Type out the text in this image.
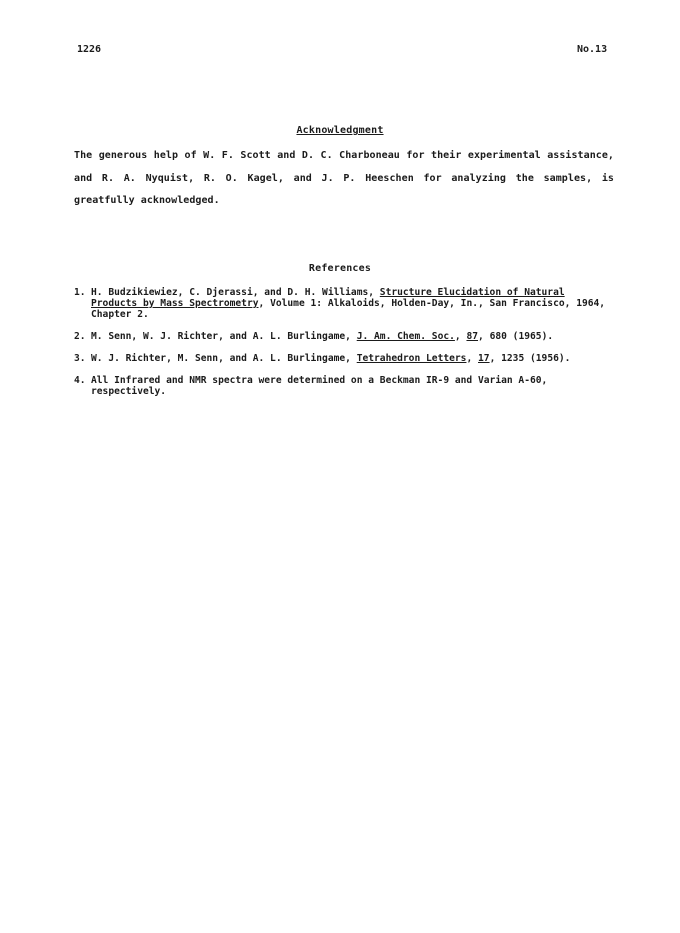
1226	No.13
Acknowledgment

The generous help of W. F. Scott and D. C. Charboneau for their experimental assistance, and R. A. Nyquist, R. O. Kagel, and J. P. Heeschen for analyzing the samples, is greatfully acknowledged.

References
1. H. Budzikiewiez, C. Djerassi, and D. H. Williams, Structure Elucidation of Natural Products by Mass Spectrometry, Volume 1: Alkaloids, Holden-Day, In., San Francisco, 1964, Chapter 2.
2. M. Senn, W. J. Richter, and A. L. Burlingame, J. Am. Chem. Soc., 87, 680 (1965).
3. W. J. Richter, M. Senn, and A. L. Burlingame, Tetrahedron Letters, 17, 1235 (1956).
4. All Infrared and NMR spectra were determined on a Beckman IR-9 and Varian A-60, respectively.
